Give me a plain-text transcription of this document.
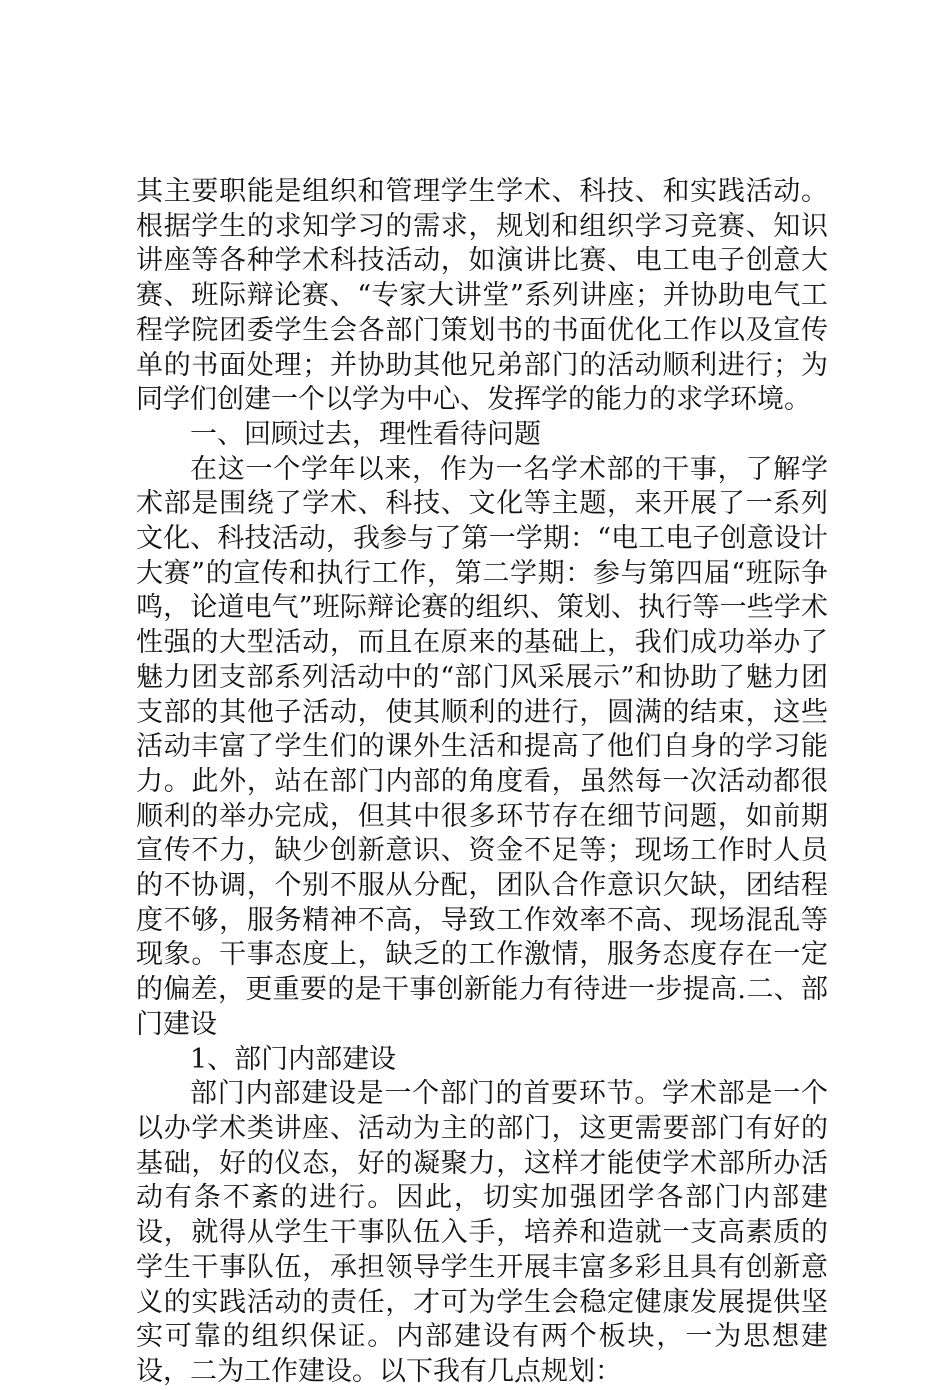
其主要职能是组织和管理学生学术、科技、和实践活动。根据学生的求知学习的需求，规划和组织学习竞赛、知识讲座等各种学术科技活动，如演讲比赛、电工电子创意大赛、班际辩论赛、“专家大讲堂”系列讲座；并协助电气工程学院团委学生会各部门策划书的书面优化工作以及宣传单的书面处理；并协助其他兄弟部门的活动顺利进行；为同学们创建一个以学为中心、发挥学的能力的求学环境。

一、回顾过去，理性看待问题

在这一个学年以来，作为一名学术部的干事，了解学术部是围绕了学术、科技、文化等主题，来开展了一系列文化、科技活动，我参与了第一学期：“电工电子创意设计大赛”的宣传和执行工作，第二学期：参与第四届“班际争鸣，论道电气”班际辩论赛的组织、策划、执行等一些学术性强的大型活动，而且在原来的基础上，我们成功举办了魅力团支部系列活动中的“部门风采展示”和协助了魅力团支部的其他子活动，使其顺利的进行，圆满的结束，这些活动丰富了学生们的课外生活和提高了他们自身的学习能力。此外，站在部门内部的角度看，虽然每一次活动都很顺利的举办完成，但其中很多环节存在细节问题，如前期宣传不力，缺少创新意识、资金不足等；现场工作时人员的不协调，个别不服从分配，团队合作意识欠缺，团结程度不够，服务精神不高，导致工作效率不高、现场混乱等现象。干事态度上，缺乏的工作激情，服务态度存在一定的偏差，更重要的是干事创新能力有待进一步提高.二、部门建设

1、部门内部建设

部门内部建设是一个部门的首要环节。学术部是一个以办学术类讲座、活动为主的部门，这更需要部门有好的基础，好的仪态，好的凝聚力，这样才能使学术部所办活动有条不紊的进行。因此，切实加强团学各部门内部建设，就得从学生干事队伍入手，培养和造就一支高素质的学生干事队伍，承担领导学生开展丰富多彩且具有创新意义的实践活动的责任，才可为学生会稳定健康发展提供坚实可靠的组织保证。内部建设有两个板块，一为思想建设，二为工作建设。以下我有几点规划：
